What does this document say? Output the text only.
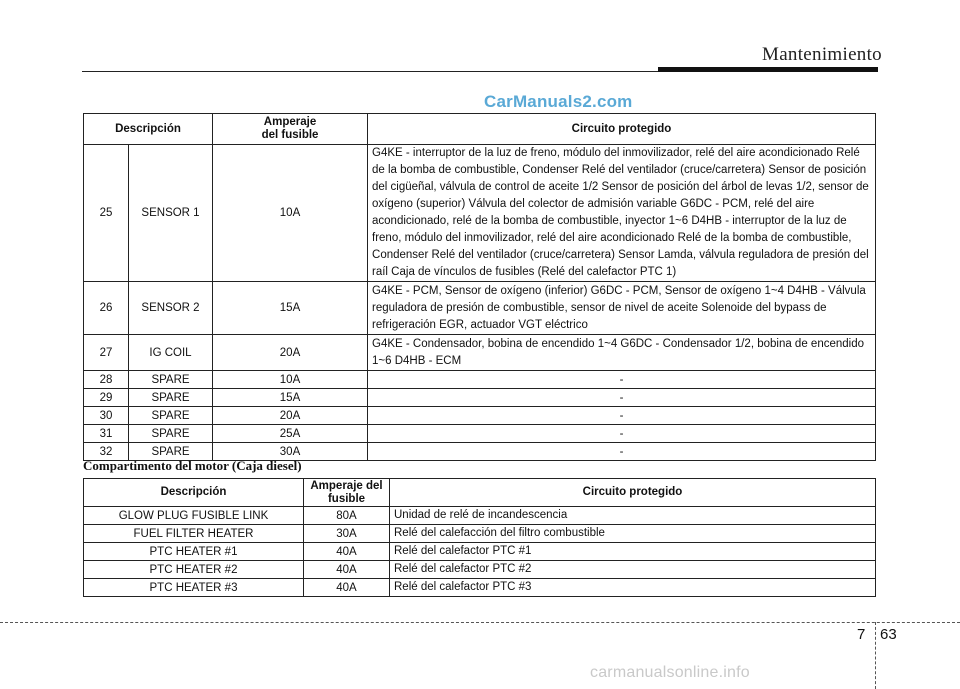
Mantenimiento
CarManuals2.com
Descripción		Amperaje
del fusible	Circuito protegido
25	SENSOR 1	10A	G4KE - interruptor de la luz de freno, módulo del inmovilizador, relé del aire acondicionado Relé de la bomba de combustible, Condenser Relé del ventilador (cruce/carretera) Sensor de posición del cigüeñal, válvula de control de aceite 1/2 Sensor de posición del árbol de levas 1/2, sensor de oxígeno (superior) Válvula del colector de admisión variable G6DC - PCM, relé del aire acondicionado, relé de la bomba de combustible, inyector 1~6 D4HB - interruptor de la luz de freno, módulo del inmovilizador, relé del aire acondicionado Relé de la bomba de combustible, Condenser Relé del ventilador (cruce/carretera) Sensor Lamda, válvula reguladora de presión del raíl Caja de vínculos de fusibles (Relé del calefactor PTC 1)
26	SENSOR 2	15A	G4KE - PCM, Sensor de oxígeno (inferior) G6DC - PCM, Sensor de oxígeno 1~4 D4HB - Válvula reguladora de presión de combustible, sensor de nivel de aceite Solenoide del bypass de refrigeración EGR, actuador VGT eléctrico
27	IG COIL	20A	G4KE - Condensador, bobina de encendido 1~4 G6DC - Condensador 1/2, bobina de encendido 1~6 D4HB - ECM
28	SPARE	10A	-
29	SPARE	15A	-
30	SPARE	20A	-
31	SPARE	25A	-
32	SPARE	30A	-
Compartimento del motor (Caja diesel)
Descripción	Amperaje del
fusible	Circuito protegido
GLOW PLUG FUSIBLE LINK	80A	Unidad de relé de incandescencia
FUEL FILTER HEATER	30A	Relé del calefacción del filtro combustible
PTC HEATER #1	40A	Relé del calefactor PTC #1
PTC HEATER #2	40A	Relé del calefactor PTC #2
PTC HEATER #3	40A	Relé del calefactor PTC #3
7 63
carmanualsonline.info
